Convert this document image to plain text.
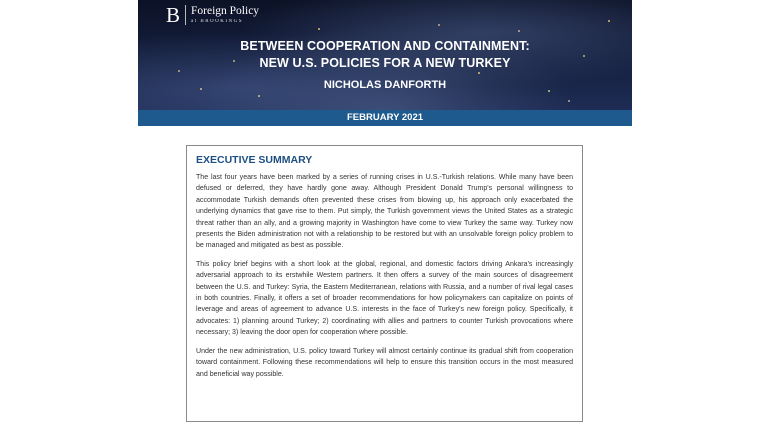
B Foreign Policy
at BROOKINGS
BETWEEN COOPERATION AND CONTAINMENT:
NEW U.S. POLICIES FOR A NEW TURKEY
NICHOLAS DANFORTH
FEBRUARY 2021
EXECUTIVE SUMMARY

The last four years have been marked by a series of running crises in U.S.-Turkish relations. While many have been defused or deferred, they have hardly gone away. Although President Donald Trump's personal willingness to accommodate Turkish demands often prevented these crises from blowing up, his approach only exacerbated the underlying dynamics that gave rise to them. Put simply, the Turkish government views the United States as a strategic threat rather than an ally, and a growing majority in Washington have come to view Turkey the same way. Turkey now presents the Biden administration not with a relationship to be restored but with an unsolvable foreign policy problem to be managed and mitigated as best as possible.

This policy brief begins with a short look at the global, regional, and domestic factors driving Ankara's increasingly adversarial approach to its erstwhile Western partners. It then offers a survey of the main sources of disagreement between the U.S. and Turkey: Syria, the Eastern Mediterranean, relations with Russia, and a number of rival legal cases in both countries. Finally, it offers a set of broader recommendations for how policymakers can capitalize on points of leverage and areas of agreement to advance U.S. interests in the face of Turkey's new foreign policy. Specifically, it advocates: 1) planning around Turkey; 2) coordinating with allies and partners to counter Turkish provocations where necessary; 3) leaving the door open for cooperation where possible.

Under the new administration, U.S. policy toward Turkey will almost certainly continue its gradual shift from cooperation toward containment. Following these recommendations will help to ensure this transition occurs in the most measured and beneficial way possible.
